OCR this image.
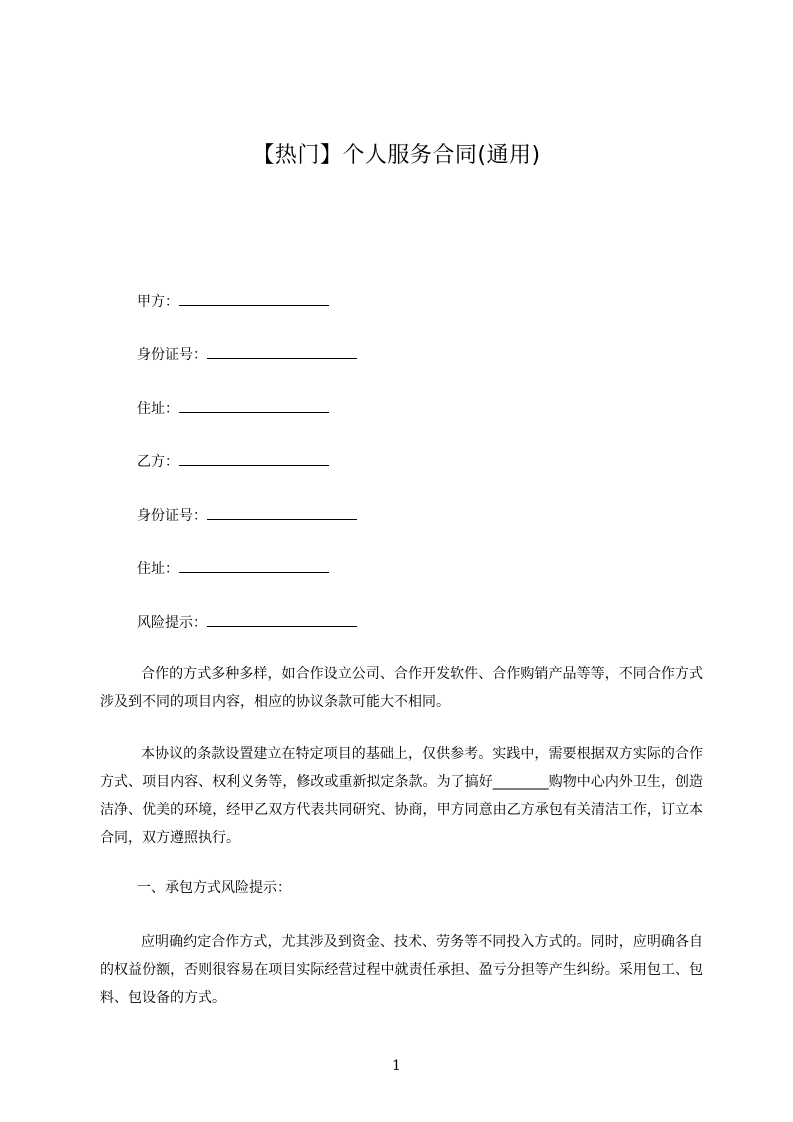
【热门】个人服务合同(通用)
甲方：
身份证号：
住址：
乙方：
身份证号：
住址：
风险提示：
合作的方式多种多样，如合作设立公司、合作开发软件、合作购销产品等等，不同合作方式涉及到不同的项目内容，相应的协议条款可能大不相同。
本协议的条款设置建立在特定项目的基础上，仅供参考。实践中，需要根据双方实际的合作方式、项目内容、权利义务等，修改或重新拟定条款。为了搞好________购物中心内外卫生，创造洁净、优美的环境，经甲乙双方代表共同研究、协商，甲方同意由乙方承包有关清洁工作，订立本合同，双方遵照执行。
一、承包方式风险提示：
应明确约定合作方式，尤其涉及到资金、技术、劳务等不同投入方式的。同时，应明确各自的权益份额，否则很容易在项目实际经营过程中就责任承担、盈亏分担等产生纠纷。采用包工、包料、包设备的方式。
1
